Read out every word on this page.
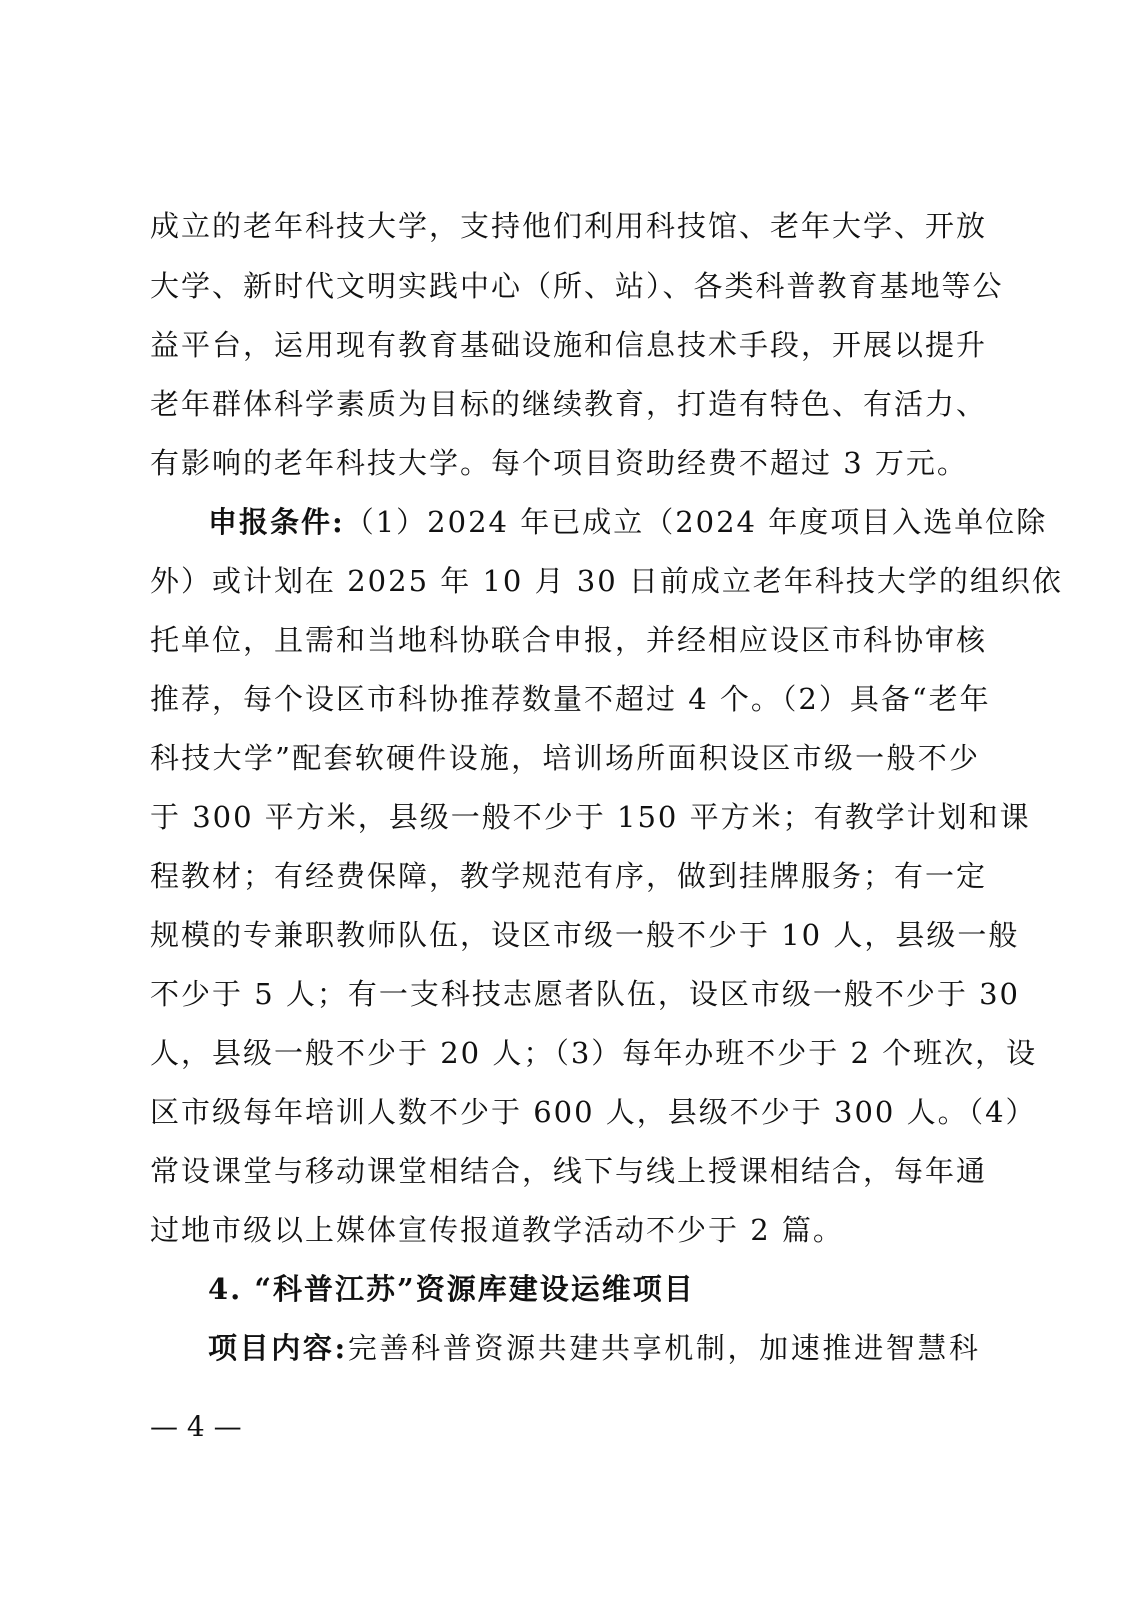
成立的老年科技大学，支持他们利用科技馆、老年大学、开放
大学、新时代文明实践中心（所、站）、各类科普教育基地等公
益平台，运用现有教育基础设施和信息技术手段，开展以提升
老年群体科学素质为目标的继续教育，打造有特色、有活力、
有影响的老年科技大学。每个项目资助经费不超过 3 万元。
申报条件:（1）2024 年已成立（2024 年度项目入选单位除
外）或计划在 2025 年 10 月 30 日前成立老年科技大学的组织依
托单位，且需和当地科协联合申报，并经相应设区市科协审核
推荐，每个设区市科协推荐数量不超过 4 个。（2）具备“老年
科技大学”配套软硬件设施，培训场所面积设区市级一般不少
于 300 平方米，县级一般不少于 150 平方米；有教学计划和课
程教材；有经费保障，教学规范有序，做到挂牌服务；有一定
规模的专兼职教师队伍，设区市级一般不少于 10 人，县级一般
不少于 5 人；有一支科技志愿者队伍，设区市级一般不少于 30
人，县级一般不少于 20 人；（3）每年办班不少于 2 个班次，设
区市级每年培训人数不少于 600 人，县级不少于 300 人。（4）
常设课堂与移动课堂相结合，线下与线上授课相结合，每年通
过地市级以上媒体宣传报道教学活动不少于 2 篇。
4. “科普江苏”资源库建设运维项目
项目内容:完善科普资源共建共享机制，加速推进智慧科
— 4 —
